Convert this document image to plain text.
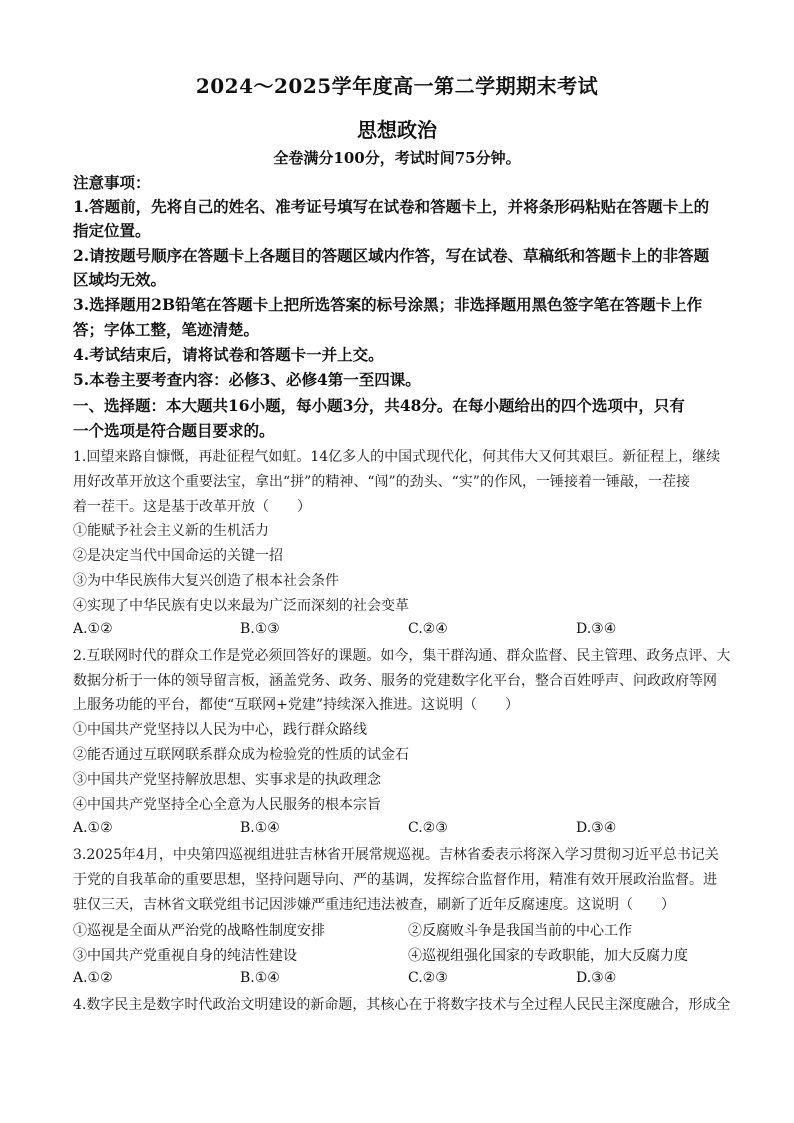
2024～2025学年度高一第二学期期末考试
思想政治
全卷满分100分，考试时间75分钟。
注意事项：
1.答题前，先将自己的姓名、准考证号填写在试卷和答题卡上，并将条形码粘贴在答题卡上的
指定位置。
2.请按题号顺序在答题卡上各题目的答题区域内作答，写在试卷、草稿纸和答题卡上的非答题
区域均无效。
3.选择题用2B铅笔在答题卡上把所选答案的标号涂黑；非选择题用黑色签字笔在答题卡上作
答；字体工整，笔迹清楚。
4.考试结束后，请将试卷和答题卡一并上交。
5.本卷主要考查内容：必修3、必修4第一至四课。
一、选择题：本大题共16小题，每小题3分，共48分。在每小题给出的四个选项中，只有
一个选项是符合题目要求的。
1.回望来路自慷慨，再赴征程气如虹。14亿多人的中国式现代化，何其伟大又何其艰巨。新征程上，继续
用好改革开放这个重要法宝，拿出“拼”的精神、“闯”的劲头、“实”的作风，一锤接着一锤敲，一茬接
着一茬干。这是基于改革开放（　　）
①能赋予社会主义新的生机活力
②是决定当代中国命运的关键一招
③为中华民族伟大复兴创造了根本社会条件
④实现了中华民族有史以来最为广泛而深刻的社会变革
A.①②	B.①③	C.②④	D.③④
2.互联网时代的群众工作是党必须回答好的课题。如今，集干群沟通、群众监督、民主管理、政务点评、大
数据分析于一体的领导留言板，涵盖党务、政务、服务的党建数字化平台，整合百姓呼声、问政政府等网
上服务功能的平台，都使“互联网+党建”持续深入推进。这说明（　　）
①中国共产党坚持以人民为中心，践行群众路线
②能否通过互联网联系群众成为检验党的性质的试金石
③中国共产党坚持解放思想、实事求是的执政理念
④中国共产党坚持全心全意为人民服务的根本宗旨
A.①②	B.①④	C.②③	D.③④
3.2025年4月，中央第四巡视组进驻吉林省开展常规巡视。吉林省委表示将深入学习贯彻习近平总书记关
于党的自我革命的重要思想，坚持问题导向、严的基调，发挥综合监督作用，精准有效开展政治监督。进
驻仅三天，吉林省文联党组书记因涉嫌严重违纪违法被查，刷新了近年反腐速度。这说明（　　）
①巡视是全面从严治党的战略性制度安排	②反腐败斗争是我国当前的中心工作
③中国共产党重视自身的纯洁性建设	④巡视组强化国家的专政职能，加大反腐力度
A.①②	B.①④	C.②③	D.③④
4.数字民主是数字时代政治文明建设的新命题，其核心在于将数字技术与全过程人民民主深度融合，形成全
